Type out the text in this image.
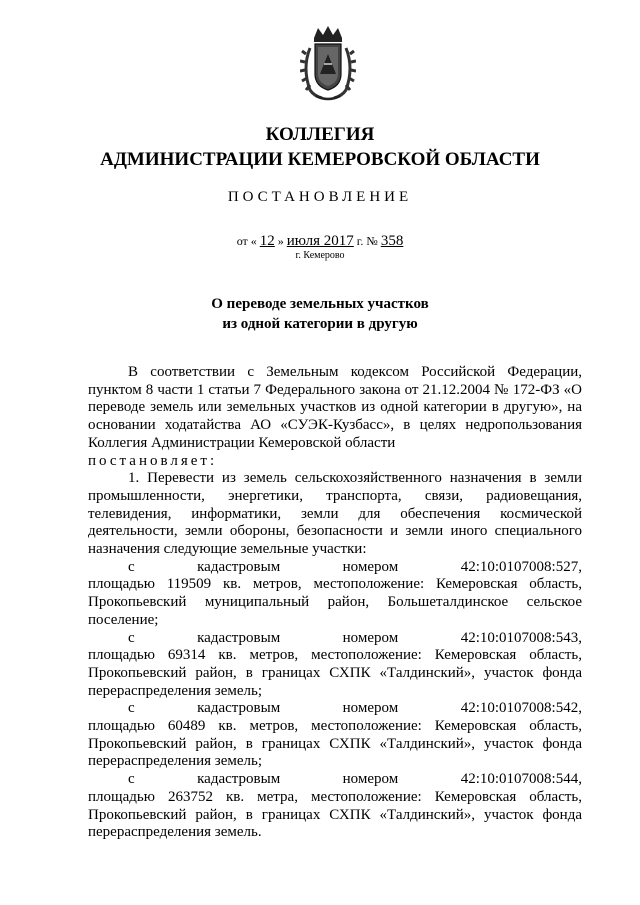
КОЛЛЕГИЯ
АДМИНИСТРАЦИИ КЕМЕРОВСКОЙ ОБЛАСТИ
ПОСТАНОВЛЕНИЕ
от « 12 » июля 2017 г. № 358
г. Кемерово
О переводе земельных участков
из одной категории в другую

В соответствии с Земельным кодексом Российской Федерации, пунктом 8 части 1 статьи 7 Федерального закона от 21.12.2004 № 172-ФЗ «О переводе земель или земельных участков из одной категории в другую», на основании ходатайства АО «СУЭК-Кузбасс», в целях недропользования Коллегия Администрации Кемеровской области

постановляет:

1. Перевести из земель сельскохозяйственного назначения в земли промышленности, энергетики, транспорта, связи, радиовещания, телевидения, информатики, земли для обеспечения космической деятельности, земли обороны, безопасности и земли иного специального назначения следующие земельные участки:

с	кадастровым	номером	42:10:0107008:527,
площадью 119509 кв. метров, местоположение: Кемеровская область, Прокопьевский муниципальный район, Большеталдинское сельское поселение;
с	кадастровым	номером	42:10:0107008:543,
площадью 69314 кв. метров, местоположение: Кемеровская область, Прокопьевский район, в границах СХПК «Талдинский», участок фонда перераспределения земель;
с	кадастровым	номером	42:10:0107008:542,
площадью 60489 кв. метров, местоположение: Кемеровская область, Прокопьевский район, в границах СХПК «Талдинский», участок фонда перераспределения земель;
с	кадастровым	номером	42:10:0107008:544,
площадью 263752 кв. метра, местоположение: Кемеровская область, Прокопьевский район, в границах СХПК «Талдинский», участок фонда перераспределения земель.
